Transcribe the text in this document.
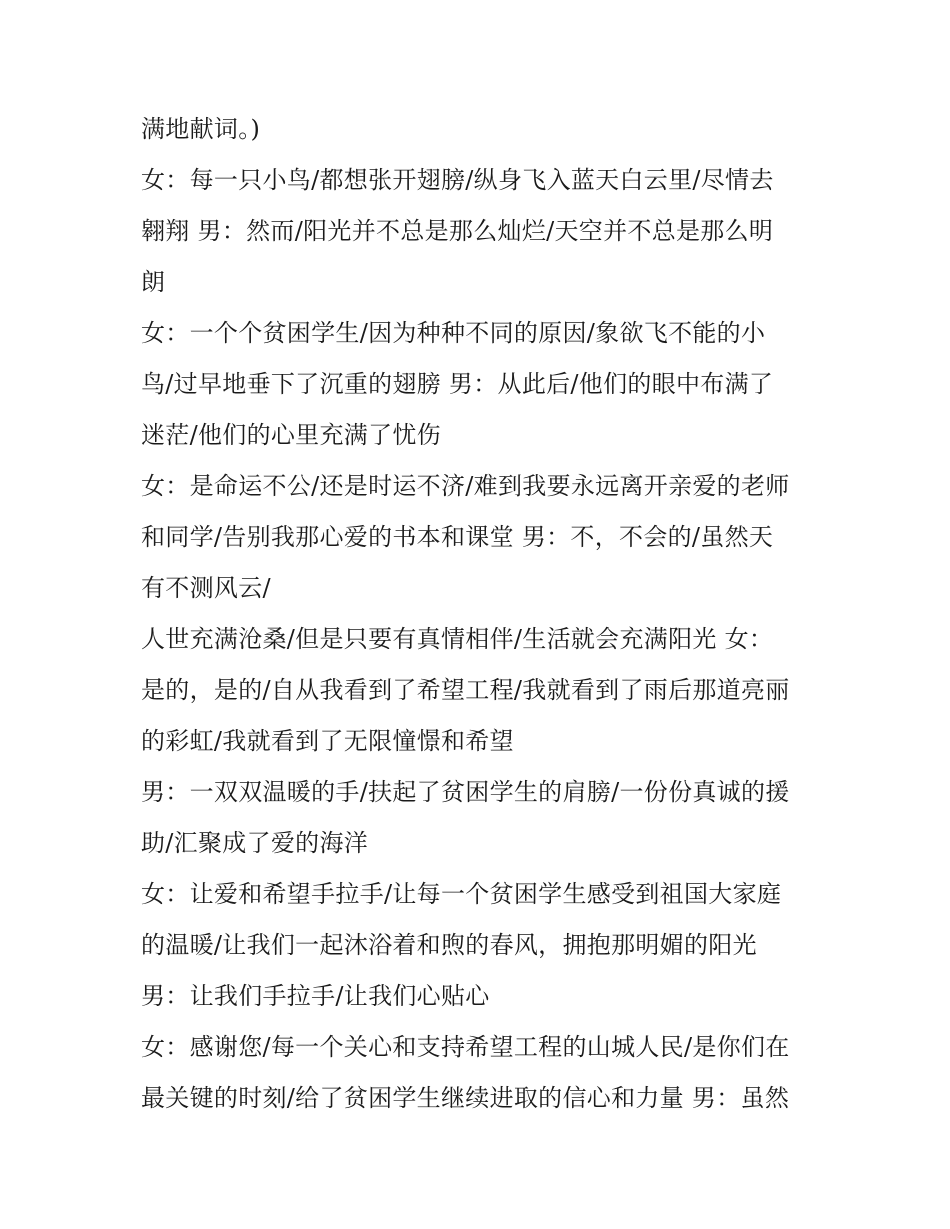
满地献词。)
女：每一只小鸟/都想张开翅膀/纵身飞入蓝天白云里/尽情去
翱翔 男：然而/阳光并不总是那么灿烂/天空并不总是那么明
朗
女：一个个贫困学生/因为种种不同的原因/象欲飞不能的小
鸟/过早地垂下了沉重的翅膀 男：从此后/他们的眼中布满了
迷茫/他们的心里充满了忧伤
女：是命运不公/还是时运不济/难到我要永远离开亲爱的老师
和同学/告别我那心爱的书本和课堂 男：不，不会的/虽然天
有不测风云/
人世充满沧桑/但是只要有真情相伴/生活就会充满阳光 女：
是的，是的/自从我看到了希望工程/我就看到了雨后那道亮丽
的彩虹/我就看到了无限憧憬和希望
男：一双双温暖的手/扶起了贫困学生的肩膀/一份份真诚的援
助/汇聚成了爱的海洋
女：让爱和希望手拉手/让每一个贫困学生感受到祖国大家庭
的温暖/让我们一起沐浴着和煦的春风，拥抱那明媚的阳光
男：让我们手拉手/让我们心贴心
女：感谢您/每一个关心和支持希望工程的山城人民/是你们在
最关键的时刻/给了贫困学生继续进取的信心和力量 男：虽然
